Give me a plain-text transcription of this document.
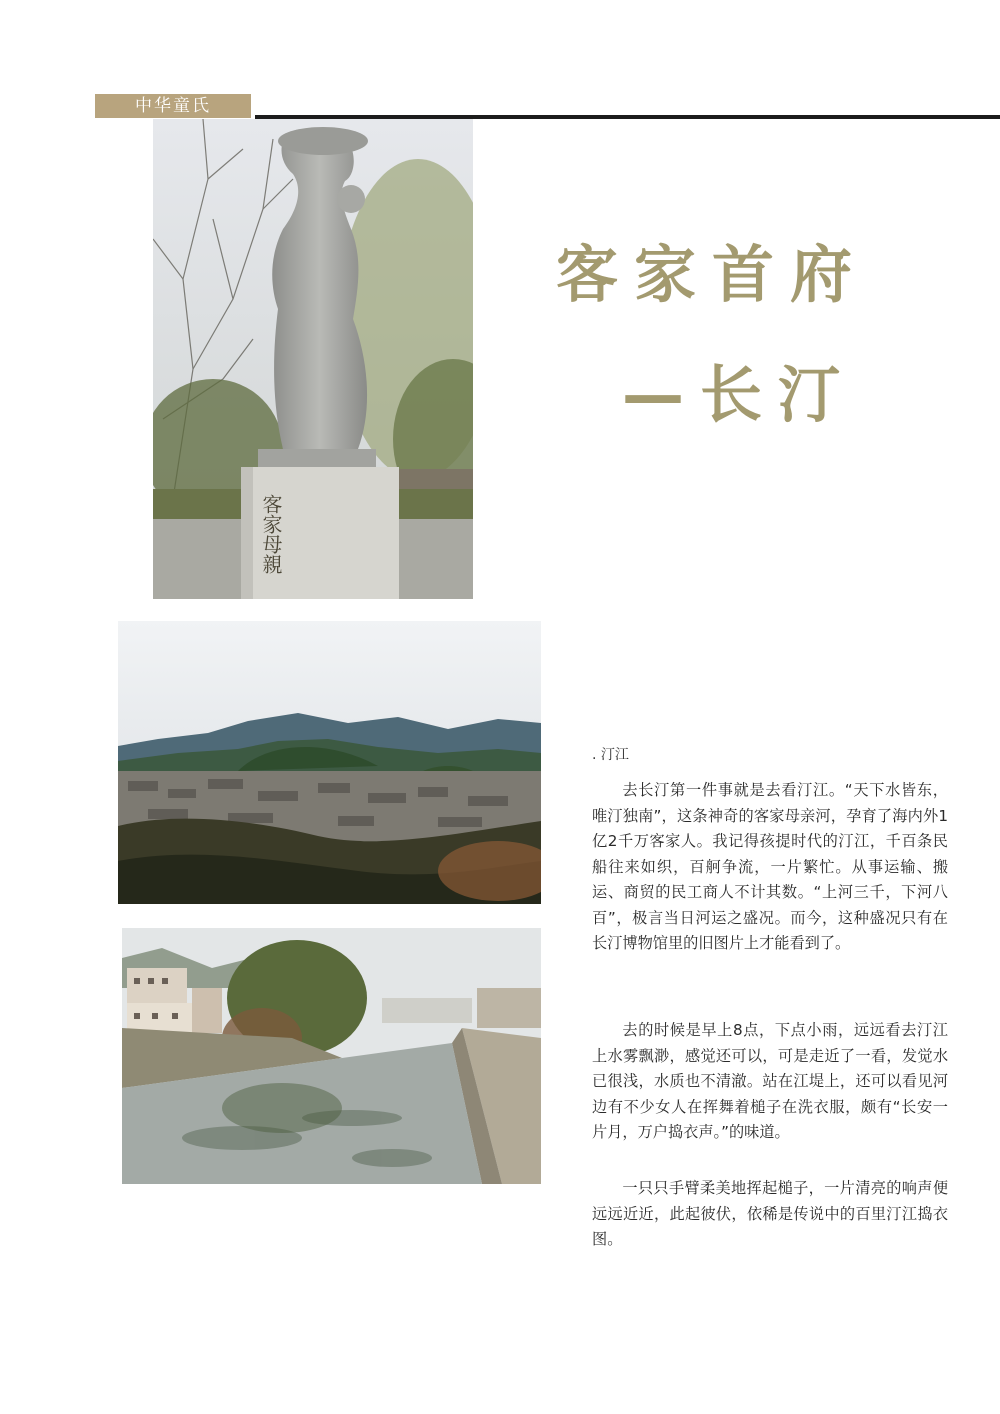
中华童氏
客家母親
客家首府
—长汀
. 汀江

去长汀第一件事就是去看汀江。“天下水皆东，唯汀独南”，这条神奇的客家母亲河，孕育了海内外1亿2千万客家人。我记得孩提时代的汀江，千百条民船往来如织，百舸争流，一片繁忙。从事运输、搬运、商贸的民工商人不计其数。“上河三千，下河八百”，极言当日河运之盛况。而今，这种盛况只有在长汀博物馆里的旧图片上才能看到了。

去的时候是早上8点，下点小雨，远远看去汀江上水雾飘渺，感觉还可以，可是走近了一看，发觉水已很浅，水质也不清澈。站在江堤上，还可以看见河边有不少女人在挥舞着槌子在洗衣服，颇有“长安一片月，万户捣衣声。”的味道。

一只只手臂柔美地挥起槌子，一片清亮的响声便远远近近，此起彼伏，依稀是传说中的百里汀江捣衣图。
